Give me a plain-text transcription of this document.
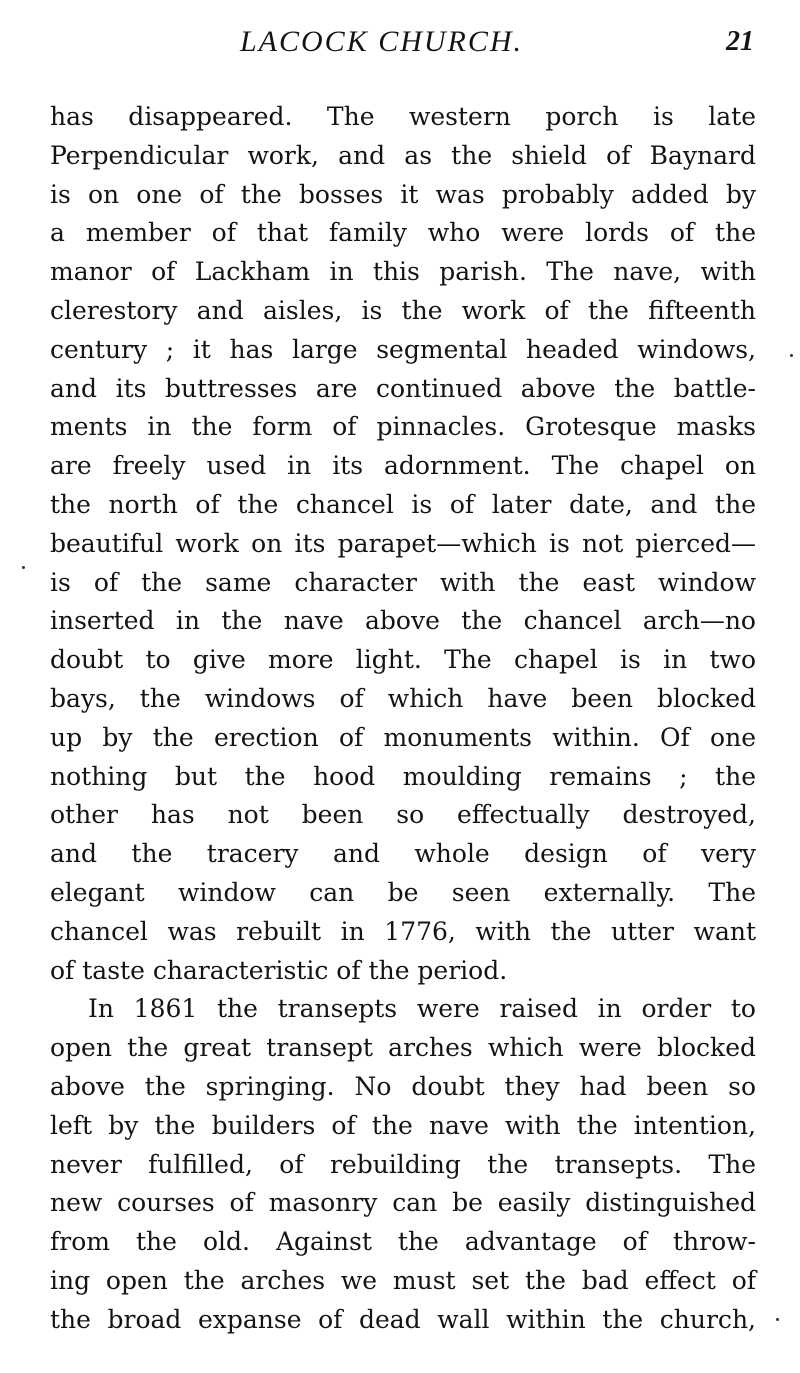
LACOCK CHURCH.	21
has disappeared. The western porch is late
Perpendicular work, and as the shield of Baynard
is on one of the bosses it was probably added by
a member of that family who were lords of the
manor of Lackham in this parish. The nave, with
clerestory and aisles, is the work of the fifteenth
century ; it has large segmental headed windows,
and its buttresses are continued above the battle-
ments in the form of pinnacles. Grotesque masks
are freely used in its adornment. The chapel on
the north of the chancel is of later date, and the
beautiful work on its parapet—which is not pierced—
is of the same character with the east window
inserted in the nave above the chancel arch—no
doubt to give more light. The chapel is in two
bays, the windows of which have been blocked
up by the erection of monuments within. Of one
nothing but the hood moulding remains ; the
other has not been so effectually destroyed,
and the tracery and whole design of very
elegant window can be seen externally. The
chancel was rebuilt in 1776, with the utter want
of taste characteristic of the period.
In 1861 the transepts were raised in order to
open the great transept arches which were blocked
above the springing. No doubt they had been so
left by the builders of the nave with the intention,
never fulfilled, of rebuilding the transepts. The
new courses of masonry can be easily distinguished
from the old. Against the advantage of throw-
ing open the arches we must set the bad effect of
the broad expanse of dead wall within the church,
